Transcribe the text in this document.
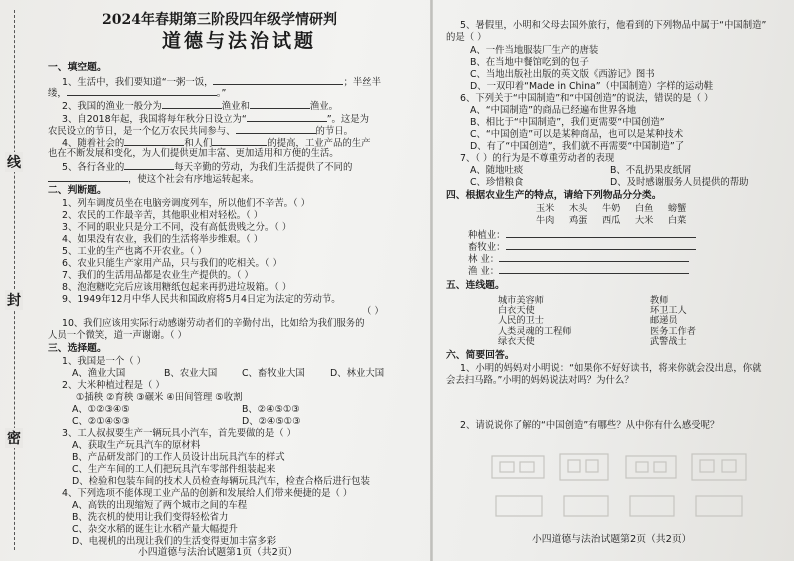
线
封
密
2024年春期第三阶段四年级学情研判
道德与法治试题
一、填空题。
1、生活中，我们要知道“一粥一饭，	；半丝半
缕，	。”
2、我国的渔业一般分为	渔业和	渔业。
3、自2018年起，我国将每年秋分日设立为“	”。这是为
农民设立的节日，是一个亿万农民共同参与、	的节日。
4、随着社会的	和人们	的提高，工业产品的生产
也在不断发展和变化，为人们提供更加丰富、更加适用和方便的生活。
5、各行各业的	每天辛勤的劳动，为我们生活提供了不同的
，使这个社会有序地运转起来。
二、判断题。
1、列车调度员坐在电脑旁调度列车，所以他们不辛苦。（ ）
2、农民的工作最辛苦，其他职业相对轻松。（ ）
3、不同的职业只是分工不同，没有高低贵贱之分。（ ）
4、如果没有农业，我们的生活将举步维艰。（ ）
5、工业的生产也离不开农业。（ ）
6、农业只能生产家用产品，只与我们的吃相关。（ ）
7、我们的生活用品都是农业生产提供的。（ ）
8、泡泡糖吃完后应该用糖纸包起来再扔进垃圾箱。（ ）
9、1949年12月中华人民共和国政府将5月4日定为法定的劳动节。
（ ）
10、我们应该用实际行动感谢劳动者们的辛勤付出，比如给为我们服务的
人员一个微笑，道一声谢谢。（ ）
三、选择题。
1、我国是一个（ ）
A、渔业大国	B、农业大国	C、畜牧业大国	D、林业大国
2、大米种植过程是（ ）
①插秧 ②育秧 ③碾米 ④田间管理 ⑤收割
A、①②③④⑤	B、②④⑤①③
C、②①④⑤③	D、②④⑤①③
3、工人叔叔要生产一辆玩具小汽车，首先要做的是（ ）
A、获取生产玩具汽车的原材料
B、产品研发部门的工作人员设计出玩具汽车的样式
C、生产车间的工人们把玩具汽车零部件组装起来
D、检验和包装车间的技术人员检查每辆玩具汽车，检查合格后进行包装
4、下列选项不能体现工业产品的创新和发展给人们带来便捷的是（ ）
A、高铁的出现缩短了两个城市之间的车程
B、洗衣机的使用让我们变得轻松省力
C、杂交水稻的诞生让水稻产量大幅提升
D、电视机的出现让我们的生活变得更加丰富多彩
小四道德与法治试题第1页（共2页）
5、暑假里，小明和父母去国外旅行，他看到的下列物品中属于“中国制造”
的是（ ）
A、一件当地服装厂生产的唐装
B、在当地中餐馆吃到的包子
C、当地出版社出版的英文版《西游记》图书
D、一双印着“Made in China”（中国制造）字样的运动鞋
6、下列关于“中国制造”和“中国创造”的说法，错误的是（ ）
A、“中国制造”的商品已经遍布世界各地
B、相比于“中国制造”，我们更需要“中国创造”
C、“中国创造”可以是某种商品，也可以是某种技术
D、有了“中国创造”，我们就不再需要“中国制造”了
7、（ ）的行为是不尊重劳动者的表现
A、随地吐痰	B、不乱扔果皮纸屑
C、珍惜粮食	D、及时感谢服务人员提供的帮助
四、根据农业生产的特点，请给下列物品分分类。
玉米 木头 牛奶 白鱼 螃蟹
牛肉 鸡蛋 西瓜 大米 白菜
种植业：
畜牧业：
林 业：
渔 业：
五、连线题。
城市美容师
白衣天使
人民的卫士
人类灵魂的工程师
绿衣天使
教师
环卫工人
邮递员
医务工作者
武警战士
六、简要回答。
1、小明的妈妈对小明说：“如果你不好好读书，将来你就会没出息，你就
会去扫马路。”小明的妈妈说法对吗？为什么？
2、请说说你了解的“中国创造”有哪些？从中你有什么感受呢？
小四道德与法治试题第2页（共2页）
